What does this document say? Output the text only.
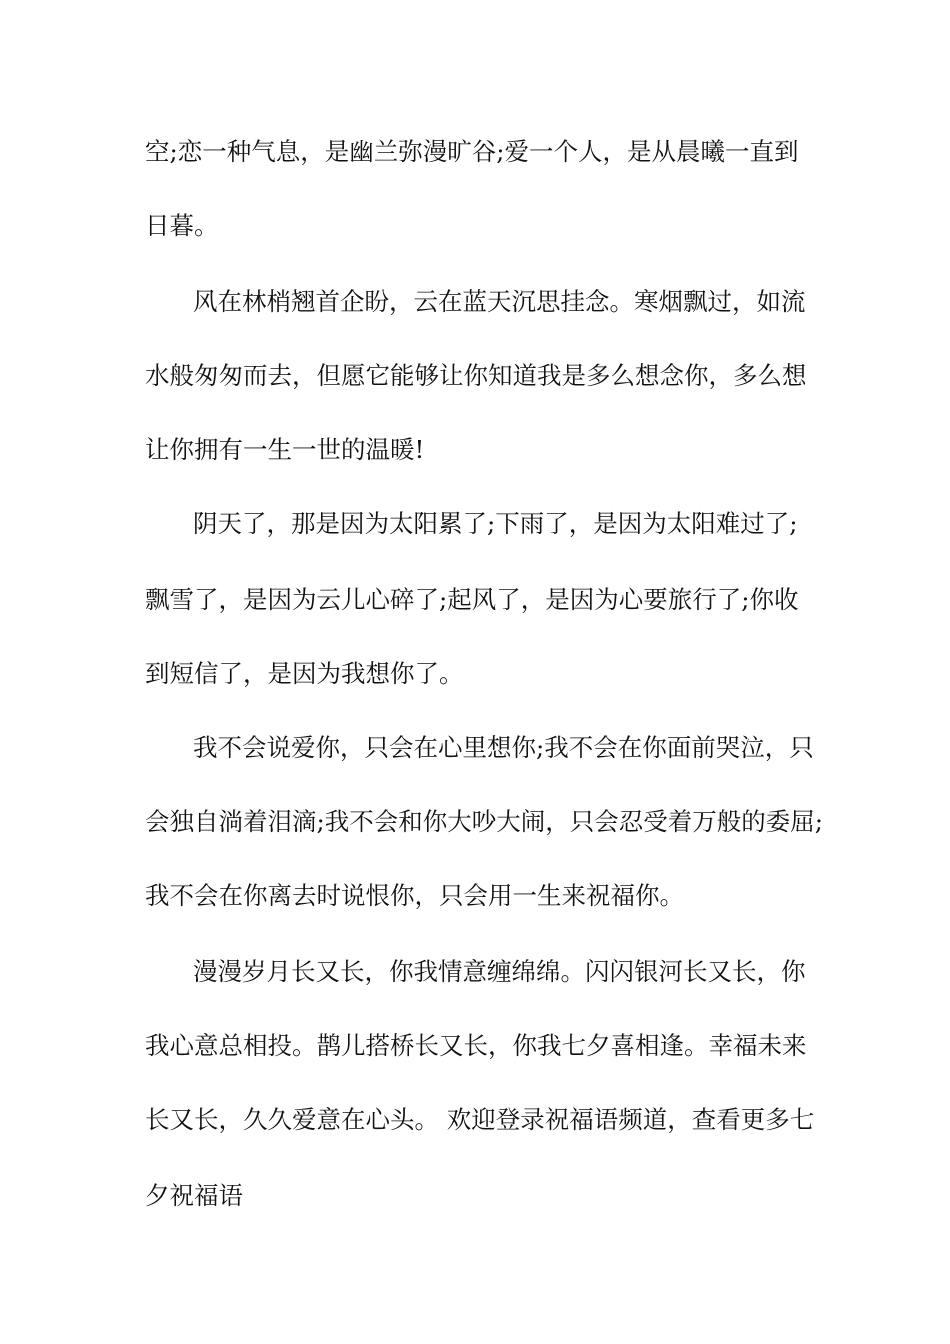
空;恋一种气息，是幽兰弥漫旷谷;爱一个人，是从晨曦一直到
日暮。
风在林梢翘首企盼，云在蓝天沉思挂念。寒烟飘过，如流
水般匆匆而去，但愿它能够让你知道我是多么想念你，多么想
让你拥有一生一世的温暖!
阴天了，那是因为太阳累了;下雨了，是因为太阳难过了;
飘雪了，是因为云儿心碎了;起风了，是因为心要旅行了;你收
到短信了，是因为我想你了。
我不会说爱你，只会在心里想你;我不会在你面前哭泣，只
会独自淌着泪滴;我不会和你大吵大闹，只会忍受着万般的委屈;
我不会在你离去时说恨你，只会用一生来祝福你。
漫漫岁月长又长，你我情意缠绵绵。闪闪银河长又长，你
我心意总相投。鹊儿搭桥长又长，你我七夕喜相逢。幸福未来
长又长，久久爱意在心头。 欢迎登录祝福语频道，查看更多七
夕祝福语
